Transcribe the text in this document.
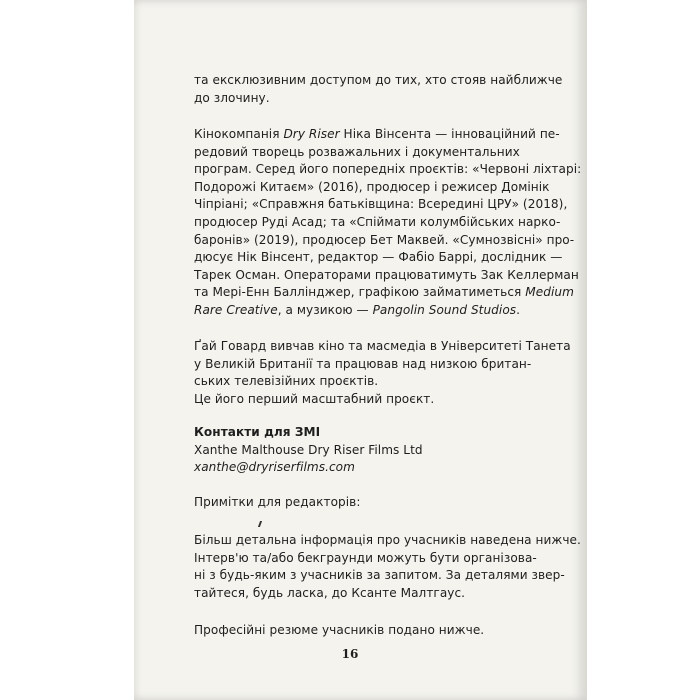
та ексклюзивним доступом до тих, хто стояв найближче
до злочину.
Кінокомпанія Dry Riser Ніка Вінсента — інноваційний пе-
редовий творець розважальних і документальних
програм. Серед його попередніх проєктів: «Червоні ліхтарі:
Подорожі Китаєм» (2016), продюсер і режисер Домінік
Чіпріані; «Справжня батьківщина: Всередині ЦРУ» (2018),
продюсер Руді Асад; та «Спіймати колумбійських нарко-
баронів» (2019), продюсер Бет Маквей. «Сумнозвісні» про-
дюсує Нік Вінсент, редактор — Фабіо Баррі, дослідник —
Тарек Осман. Операторами працюватимуть Зак Келлерман
та Мері-Енн Баллінджер, графікою займатиметься Medium
Rare Creative, а музикою — Pangolin Sound Studios.
Ґай Говард вивчав кіно та масмедіа в Університеті Танета
у Великій Британії та працював над низкою британ-
ських телевізійних проєктів.
Це його перший масштабний проєкт.
Контакти для ЗМІ
Xanthe Malthouse Dry Riser Films Ltd
xanthe@dryriserfilms.com
Примітки для редакторів:
Більш детальна інформація про учасників наведена нижче.
Інтерв'ю та/або бекграунди можуть бути організова-
ні з будь-яким з учасників за запитом. За деталями звер-
тайтеся, будь ласка, до Ксанте Малтгаус.
Професійні резюме учасників подано нижче.
16
